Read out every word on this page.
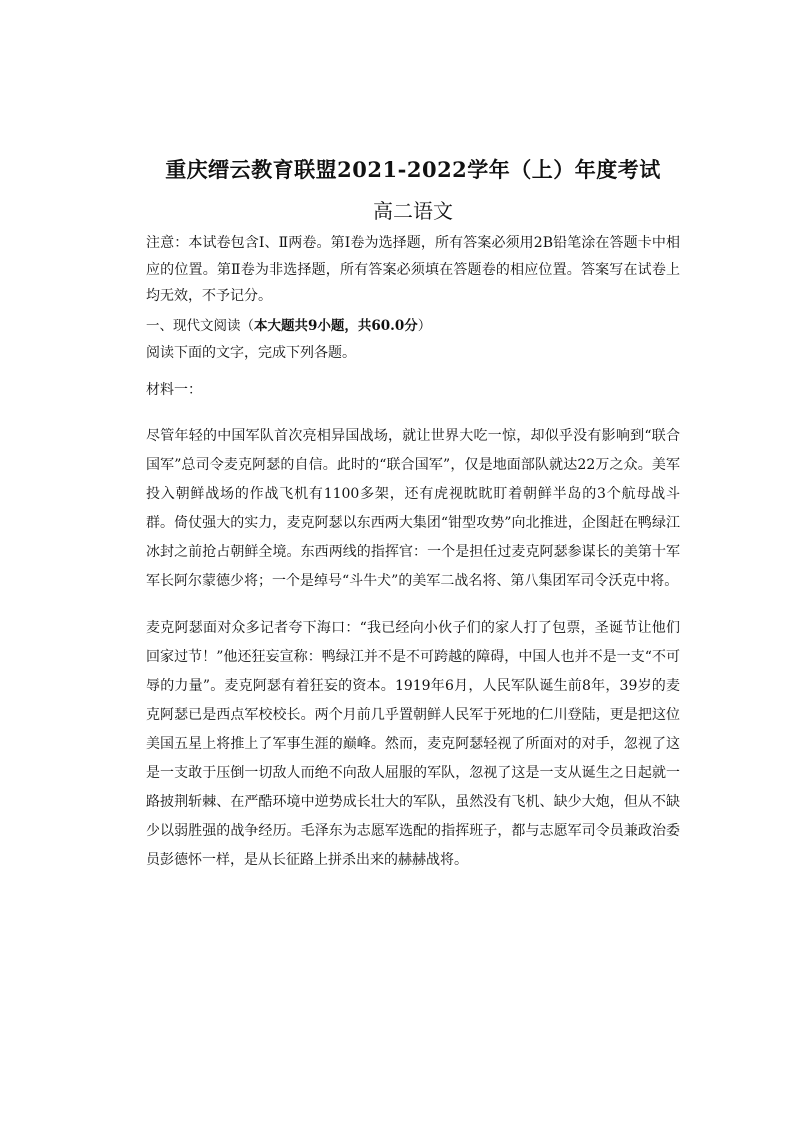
重庆缙云教育联盟2021-2022学年（上）年度考试
高二语文

注意：本试卷包含Ⅰ、Ⅱ两卷。第Ⅰ卷为选择题，所有答案必须用2B铅笔涂在答题卡中相应的位置。第Ⅱ卷为非选择题，所有答案必须填在答题卷的相应位置。答案写在试卷上均无效，不予记分。

一、现代文阅读（本大题共9小题，共60.0分）

阅读下面的文字，完成下列各题。

材料一：

尽管年轻的中国军队首次亮相异国战场，就让世界大吃一惊，却似乎没有影响到“联合国军”总司令麦克阿瑟的自信。此时的“联合国军”，仅是地面部队就达22万之众。美军投入朝鲜战场的作战飞机有1100多架，还有虎视眈眈盯着朝鲜半岛的3个航母战斗群。倚仗强大的实力，麦克阿瑟以东西两大集团“钳型攻势”向北推进，企图赶在鸭绿江冰封之前抢占朝鲜全境。东西两线的指挥官：一个是担任过麦克阿瑟参谋长的美第十军军长阿尔蒙德少将；一个是绰号“斗牛犬”的美军二战名将、第八集团军司令沃克中将。

麦克阿瑟面对众多记者夸下海口：“我已经向小伙子们的家人打了包票，圣诞节让他们回家过节！”他还狂妄宣称：鸭绿江并不是不可跨越的障碍，中国人也并不是一支“不可辱的力量”。麦克阿瑟有着狂妄的资本。1919年6月，人民军队诞生前8年，39岁的麦克阿瑟已是西点军校校长。两个月前几乎置朝鲜人民军于死地的仁川登陆，更是把这位美国五星上将推上了军事生涯的巅峰。然而，麦克阿瑟轻视了所面对的对手，忽视了这是一支敢于压倒一切敌人而绝不向敌人屈服的军队，忽视了这是一支从诞生之日起就一路披荆斩棘、在严酷环境中逆势成长壮大的军队，虽然没有飞机、缺少大炮，但从不缺少以弱胜强的战争经历。毛泽东为志愿军选配的指挥班子，都与志愿军司令员兼政治委员彭德怀一样，是从长征路上拼杀出来的赫赫战将。
